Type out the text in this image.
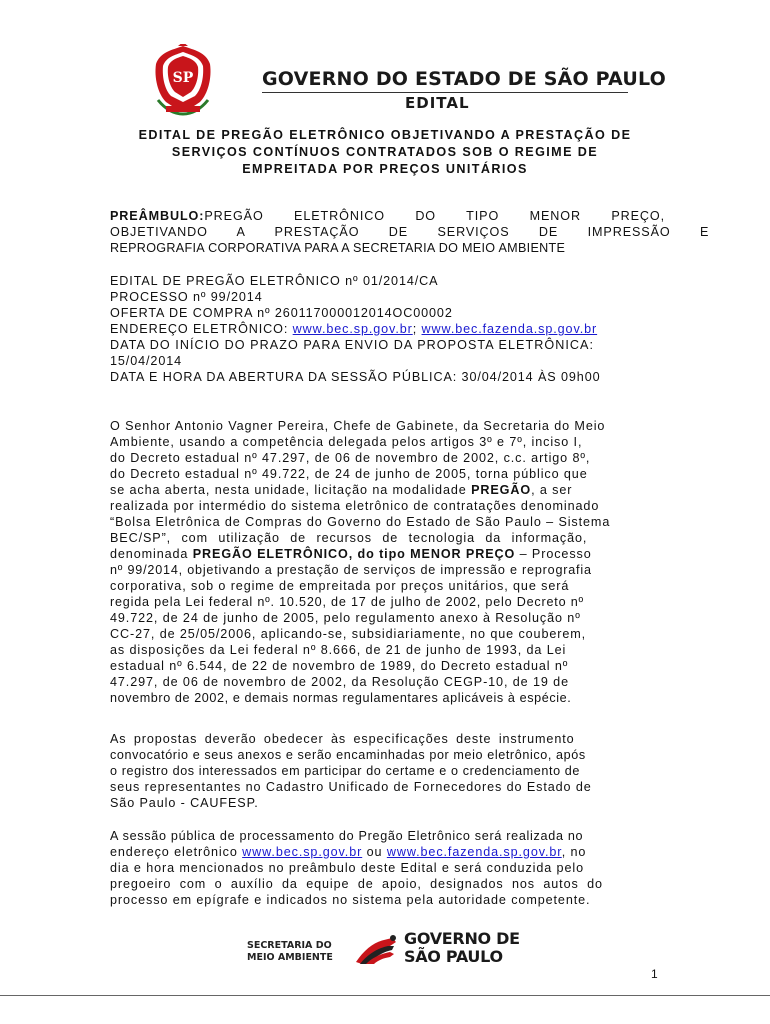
SP	GOVERNO DO ESTADO DE SÃO PAULO
EDITAL
EDITAL DE PREGÃO ELETRÔNICO OBJETIVANDO A PRESTAÇÃO DE
SERVIÇOS CONTÍNUOS CONTRATADOS SOB O REGIME DE
EMPREITADA POR PREÇOS UNITÁRIOS
PREÂMBULO: PREGÃO ELETRÔNICO DO TIPO MENOR PREÇO,
OBJETIVANDO A PRESTAÇÃO DE SERVIÇOS DE IMPRESSÃO E
REPROGRAFIA CORPORATIVA PARA A SECRETARIA DO MEIO AMBIENTE
EDITAL DE PREGÃO ELETRÔNICO nº 01/2014/CA
PROCESSO nº 99/2014
OFERTA DE COMPRA nº 260117000012014OC00002
ENDEREÇO ELETRÔNICO: www.bec.sp.gov.br; www.bec.fazenda.sp.gov.br
DATA DO INÍCIO DO PRAZO PARA ENVIO DA PROPOSTA ELETRÔNICA:
15/04/2014
DATA E HORA DA ABERTURA DA SESSÃO PÚBLICA: 30/04/2014 ÀS 09h00
O Senhor Antonio Vagner Pereira, Chefe de Gabinete, da Secretaria do Meio
Ambiente, usando a competência delegada pelos artigos 3º e 7º, inciso I,
do Decreto estadual nº 47.297, de 06 de novembro de 2002, c.c. artigo 8º,
do Decreto estadual nº 49.722, de 24 de junho de 2005, torna público que
se acha aberta, nesta unidade, licitação na modalidade PREGÃO, a ser
realizada por intermédio do sistema eletrônico de contratações denominado
“Bolsa Eletrônica de Compras do Governo do Estado de São Paulo – Sistema
BEC/SP”, com utilização de recursos de tecnologia da informação,
denominada PREGÃO ELETRÔNICO, do tipo MENOR PREÇO – Processo
nº 99/2014, objetivando a prestação de serviços de impressão e reprografia
corporativa, sob o regime de empreitada por preços unitários, que será
regida pela Lei federal nº. 10.520, de 17 de julho de 2002, pelo Decreto nº
49.722, de 24 de junho de 2005, pelo regulamento anexo à Resolução nº
CC-27, de 25/05/2006, aplicando-se, subsidiariamente, no que couberem,
as disposições da Lei federal nº 8.666, de 21 de junho de 1993, da Lei
estadual nº 6.544, de 22 de novembro de 1989, do Decreto estadual nº
47.297, de 06 de novembro de 2002, da Resolução CEGP-10, de 19 de
novembro de 2002, e demais normas regulamentares aplicáveis à espécie.
As propostas deverão obedecer às especificações deste instrumento
convocatório e seus anexos e serão encaminhadas por meio eletrônico, após
o registro dos interessados em participar do certame e o credenciamento de
seus representantes no Cadastro Unificado de Fornecedores do Estado de
São Paulo - CAUFESP.
A sessão pública de processamento do Pregão Eletrônico será realizada no
endereço eletrônico www.bec.sp.gov.br ou www.bec.fazenda.sp.gov.br, no
dia e hora mencionados no preâmbulo deste Edital e será conduzida pelo
pregoeiro com o auxílio da equipe de apoio, designados nos autos do
processo em epígrafe e indicados no sistema pela autoridade competente.
SECRETARIA DO
MEIO AMBIENTE
GOVERNO DE
SÃO PAULO
1
